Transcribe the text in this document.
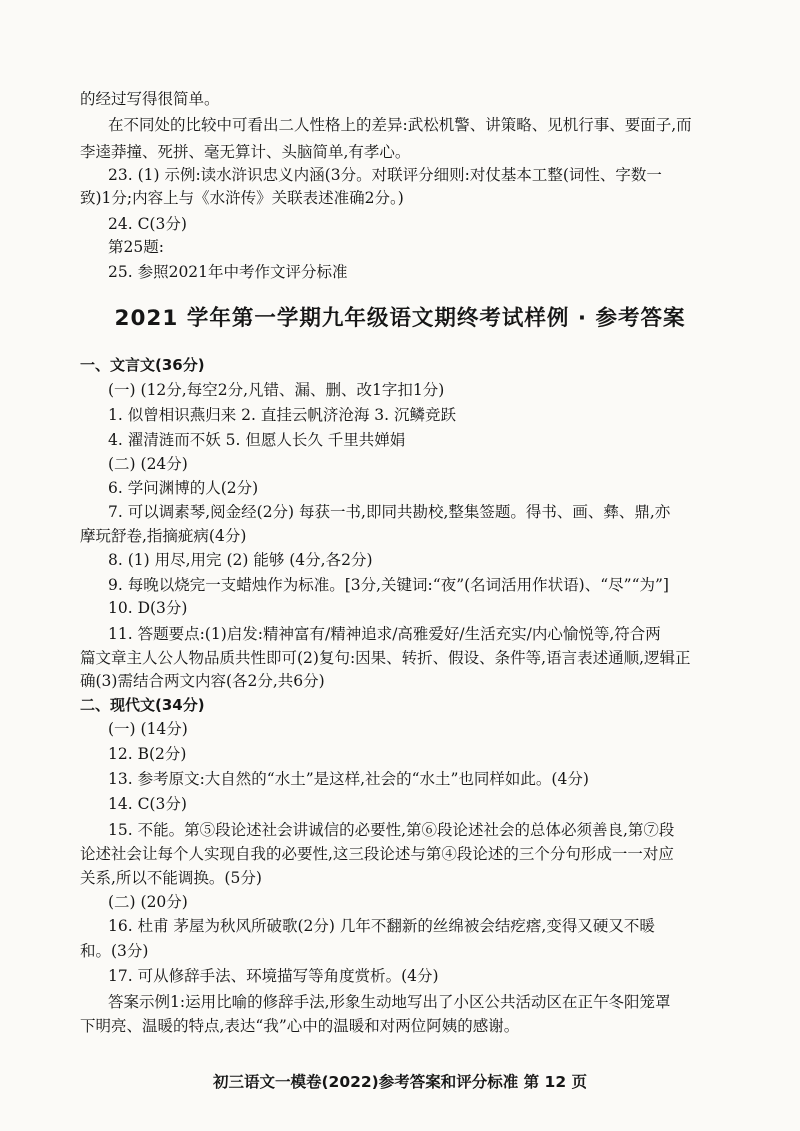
的经过写得很简单。
在不同处的比较中可看出二人性格上的差异:武松机警、讲策略、见机行事、要面子,而
李逵莽撞、死拼、毫无算计、头脑简单,有孝心。
23. (1) 示例:读水浒识忠义内涵(3分。对联评分细则:对仗基本工整(词性、字数一
致)1分;内容上与《水浒传》关联表述准确2分。)
24. C(3分)
第25题:
25. 参照2021年中考作文评分标准
2021 学年第一学期九年级语文期终考试样例 · 参考答案
一、文言文(36分)
(一) (12分,每空2分,凡错、漏、删、改1字扣1分)
1. 似曾相识燕归来 2. 直挂云帆济沧海 3. 沉鳞竞跃
4. 濯清涟而不妖 5. 但愿人长久 千里共婵娟
(二) (24分)
6. 学问渊博的人(2分)
7. 可以调素琴,阅金经(2分) 每获一书,即同共勘校,整集签题。得书、画、彝、鼎,亦
摩玩舒卷,指摘疵病(4分)
8. (1) 用尽,用完 (2) 能够 (4分,各2分)
9. 每晚以烧完一支蜡烛作为标准。[3分,关键词:“夜”(名词活用作状语)、“尽”“为”]
10. D(3分)
11. 答题要点:(1)启发:精神富有/精神追求/高雅爱好/生活充实/内心愉悦等,符合两
篇文章主人公人物品质共性即可(2)复句:因果、转折、假设、条件等,语言表述通顺,逻辑正
确(3)需结合两文内容(各2分,共6分)
二、现代文(34分)
(一) (14分)
12. B(2分)
13. 参考原文:大自然的“水土”是这样,社会的“水土”也同样如此。(4分)
14. C(3分)
15. 不能。第⑤段论述社会讲诚信的必要性,第⑥段论述社会的总体必须善良,第⑦段
论述社会让每个人实现自我的必要性,这三段论述与第④段论述的三个分句形成一一对应
关系,所以不能调换。(5分)
(二) (20分)
16. 杜甫 茅屋为秋风所破歌(2分) 几年不翻新的丝绵被会结疙瘩,变得又硬又不暖
和。(3分)
17. 可从修辞手法、环境描写等角度赏析。(4分)
答案示例1:运用比喻的修辞手法,形象生动地写出了小区公共活动区在正午冬阳笼罩
下明亮、温暖的特点,表达“我”心中的温暖和对两位阿姨的感谢。
初三语文一模卷(2022)参考答案和评分标准 第 12 页
